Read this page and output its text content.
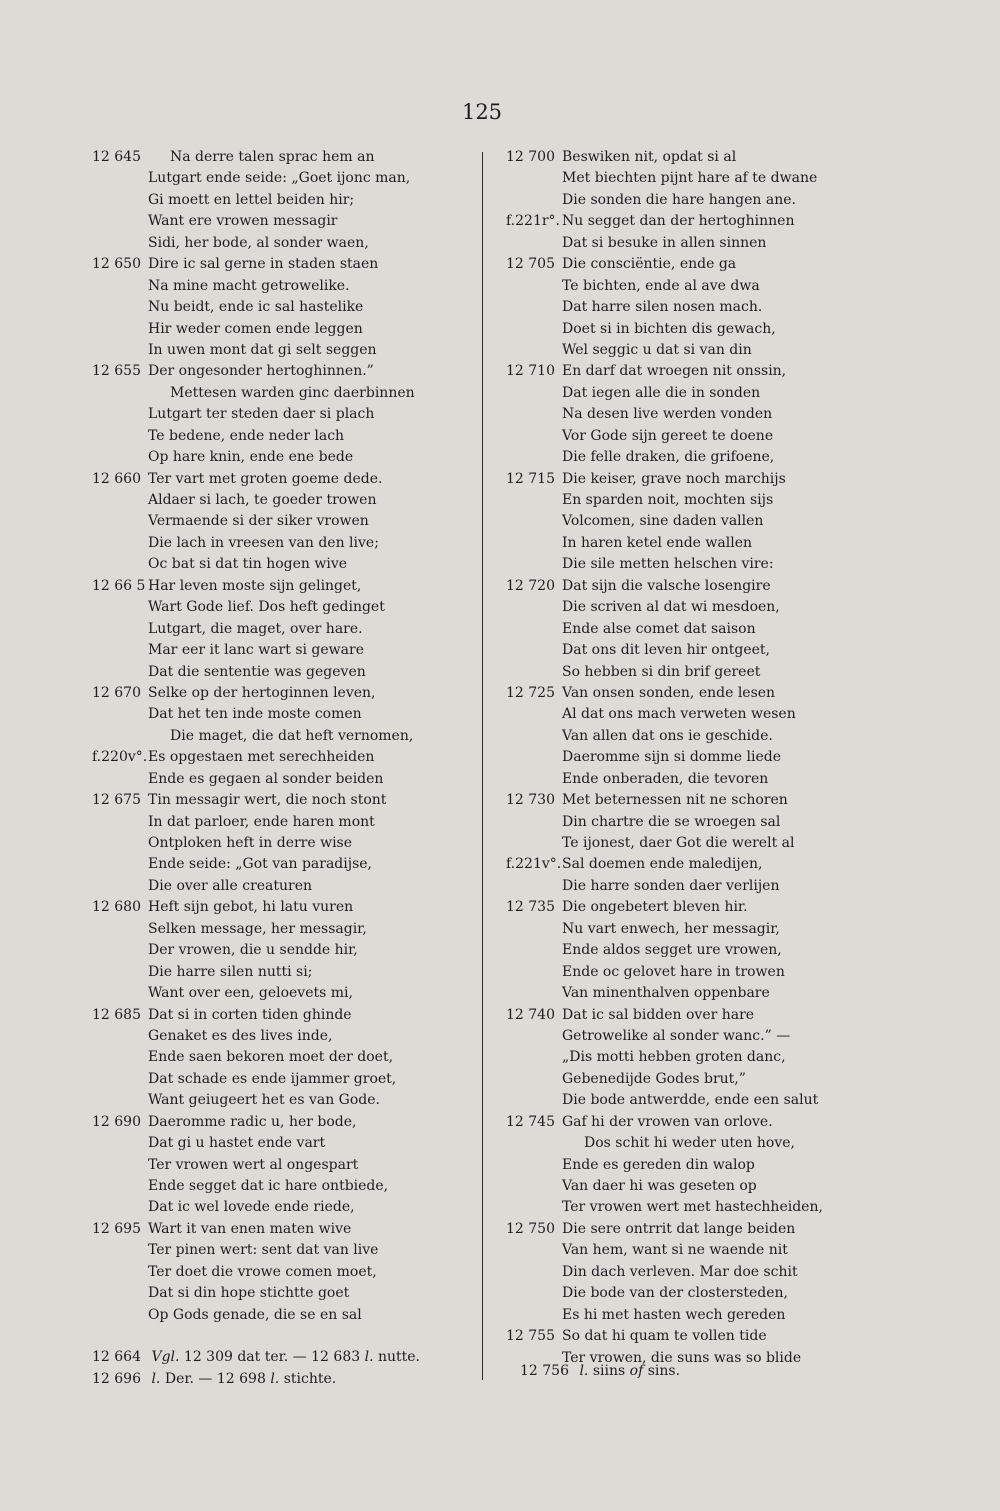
125
12 645	Na derre talen sprac hem an
Lutgart ende seide: „Goet ijonc man,
Gi moett en lettel beiden hir;
Want ere vrowen messagir
Sidi, her bode, al sonder waen,
12 650 Dire ic sal gerne in staden staen
Na mine macht getrowelike.
Nu beidt, ende ic sal hastelike
Hir weder comen ende leggen
In uwen mont dat gi selt seggen
12 655 Der ongesonder hertoghinnen.”
Mettesen warden ginc daerbinnen
Lutgart ter steden daer si plach
Te bedene, ende neder lach
Op hare knin, ende ene bede
12 660 Ter vart met groten goeme dede.
Aldaer si lach, te goeder trowen
Vermaende si der siker vrowen
Die lach in vreesen van den live;
Oc bat si dat tin hogen wive
12 66 5 Har leven moste sijn gelinget,
Wart Gode lief. Dos heft gedinget
Lutgart, die maget, over hare.
Mar eer it lanc wart si geware
Dat die sententie was gegeven
12 670 Selke op der hertoginnen leven,
Dat het ten inde moste comen
Die maget, die dat heft vernomen,
f.220v°. Es opgestaen met serechheiden
Ende es gegaen al sonder beiden
12 675 Tin messagir wert, die noch stont
In dat parloer, ende haren mont
Ontploken heft in derre wise
Ende seide: „Got van paradijse,
Die over alle creaturen
12 680 Heft sijn gebot, hi latu vuren
Selken message, her messagir,
Der vrowen, die u sendde hir,
Die harre silen nutti si;
Want over een, geloevets mi,
12 685 Dat si in corten tiden ghinde
Genaket es des lives inde,
Ende saen bekoren moet der doet,
Dat schade es ende ijammer groet,
Want geiugeert het es van Gode.
12 690 Daeromme radic u, her bode,
Dat gi u hastet ende vart
Ter vrowen wert al ongespart
Ende segget dat ic hare ontbiede,
Dat ic wel lovede ende riede,
12 695 Wart it van enen maten wive
Ter pinen wert: sent dat van live
Ter doet die vrowe comen moet,
Dat si din hope stichtte goet
Op Gods genade, die se en sal
12 700 Beswiken nit, opdat si al
Met biechten pijnt hare af te dwane
Die sonden die hare hangen ane.
f.221r°. Nu segget dan der hertoghinnen
Dat si besuke in allen sinnen
12 705 Die consciëntie, ende ga
Te bichten, ende al ave dwa
Dat harre silen nosen mach.
Doet si in bichten dis gewach,
Wel seggic u dat si van din
12 710 En darf dat wroegen nit onssin,
Dat iegen alle die in sonden
Na desen live werden vonden
Vor Gode sijn gereet te doene
Die felle draken, die grifoene,
12 715 Die keiser, grave noch marchijs
En sparden noit, mochten sijs
Volcomen, sine daden vallen
In haren ketel ende wallen
Die sile metten helschen vire:
12 720 Dat sijn die valsche losengire
Die scriven al dat wi mesdoen,
Ende alse comet dat saison
Dat ons dit leven hir ontgeet,
So hebben si din brif gereet
12 725 Van onsen sonden, ende lesen
Al dat ons mach verweten wesen
Van allen dat ons ie geschide.
Daeromme sijn si domme liede
Ende onberaden, die tevoren
12 730 Met beternessen nit ne schoren
Din chartre die se wroegen sal
Te ijonest, daer Got die werelt al
f.221v°. Sal doemen ende maledijen,
Die harre sonden daer verlijen
12 735 Die ongebetert bleven hir.
Nu vart enwech, her messagir,
Ende aldos segget ure vrowen,
Ende oc gelovet hare in trowen
Van minenthalven oppenbare
12 740 Dat ic sal bidden over hare
Getrowelike al sonder wanc.” —
„Dis motti hebben groten danc,
Gebenedijde Godes brut,”
Die bode antwerdde, ende een salut
12 745 Gaf hi der vrowen van orlove.
Dos schit hi weder uten hove,
Ende es gereden din walop
Van daer hi was geseten op
Ter vrowen wert met hastechheiden,
12 750 Die sere ontrrit dat lange beiden
Van hem, want si ne waende nit
Din dach verleven. Mar doe schit
Die bode van der clostersteden,
Es hi met hasten wech gereden
12 755 So dat hi quam te vollen tide
Ter vrowen, die suns was so blide
12 664 Vgl. 12 309 dat ter. — 12 683 l. nutte.
12 696 l. Der. — 12 698 l. stichte.	12 756 l. siins of sins.
